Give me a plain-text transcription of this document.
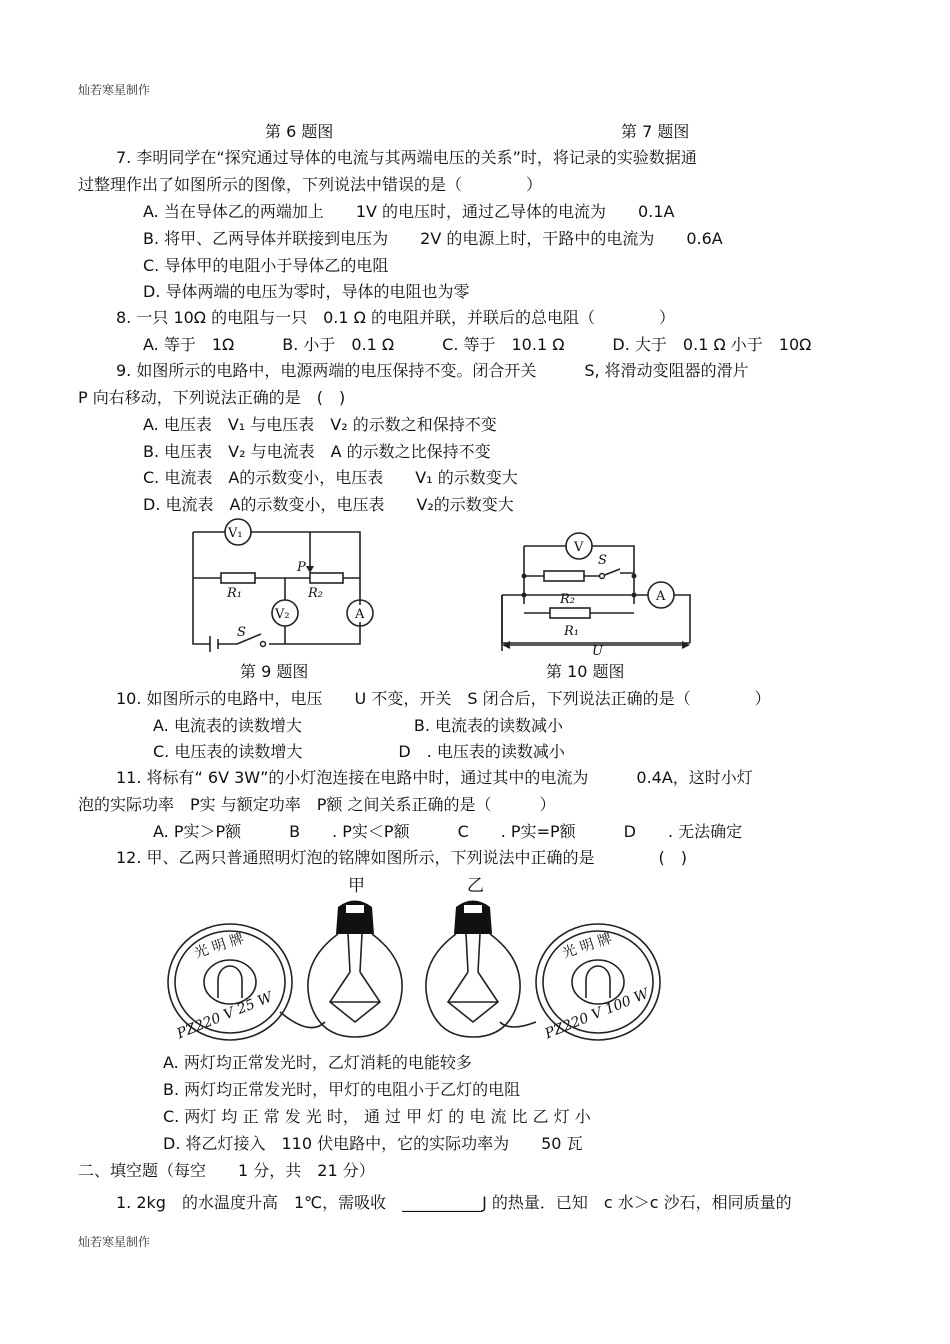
灿若寒星制作
第 6 题图	第 7 题图
7. 李明同学在“探究通过导体的电流与其两端电压的关系”时，将记录的实验数据通
过整理作出了如图所示的图像，下列说法中错误的是（　　　　）
A. 当在导体乙的两端加上　　1V 的电压时，通过乙导体的电流为　　0.1A
B. 将甲、乙两导体并联接到电压为　　2V 的电源上时，干路中的电流为　　0.6A
C. 导体甲的电阻小于导体乙的电阻
D. 导体两端的电压为零时，导体的电阻也为零
8. 一只 10Ω 的电阻与一只　0.1 Ω 的电阻并联，并联后的总电阻（　　　　）
A. 等于　1Ω　　　B. 小于　0.1 Ω　　　C. 等于　10.1 Ω　　　D. 大于　0.1 Ω 小于　10Ω
9. 如图所示的电路中，电源两端的电压保持不变。闭合开关　　　S, 将滑动变阻器的滑片
P 向右移动，下列说法正确的是　(　)
A. 电压表　V₁ 与电压表　V₂ 的示数之和保持不变
B. 电压表　V₂ 与电流表　A 的示数之比保持不变
C. 电流表　A的示数变小，电压表　　V₁ 的示数变大
D. 电流表　A的示数变小，电压表　　V₂的示数变大
V₁
V₂	A
R₁	R₂
P
S
V
S
A
R₂
R₁
U
第 9 题图	第 10 题图
10. 如图所示的电路中，电压　　U 不变，开关　S 闭合后，下列说法正确的是（　　　　）
A. 电流表的读数增大　　　　　　　B. 电流表的读数减小
C. 电压表的读数增大　　　　　　D　. 电压表的读数减小
11. 将标有“ 6V 3W”的小灯泡连接在电路中时，通过其中的电流为　　　0.4A，这时小灯
泡的实际功率　P实 与额定功率　P额 之间关系正确的是（　　　）
A. P实＞P额　　　B　　. P实＜P额　　　C　　. P实=P额　　　D　　. 无法确定
12. 甲、乙两只普通照明灯泡的铭牌如图所示，下列说法中正确的是　　　　(　)
甲	乙
光 明 牌
PZ220 V 25 W
光 明 牌
PZ220 V 100 W
A. 两灯均正常发光时，乙灯消耗的电能较多
B. 两灯均正常发光时，甲灯的电阻小于乙灯的电阻
C. 两灯 均 正 常 发 光 时， 通 过 甲 灯 的 电 流 比 乙 灯 小
D. 将乙灯接入　110 伏电路中，它的实际功率为　　50 瓦
二、填空题（每空　　1 分，共　21 分）
1. 2kg　的水温度升高　1℃，需吸收　__________J 的热量．已知　c 水＞c 沙石，相同质量的
灿若寒星制作
